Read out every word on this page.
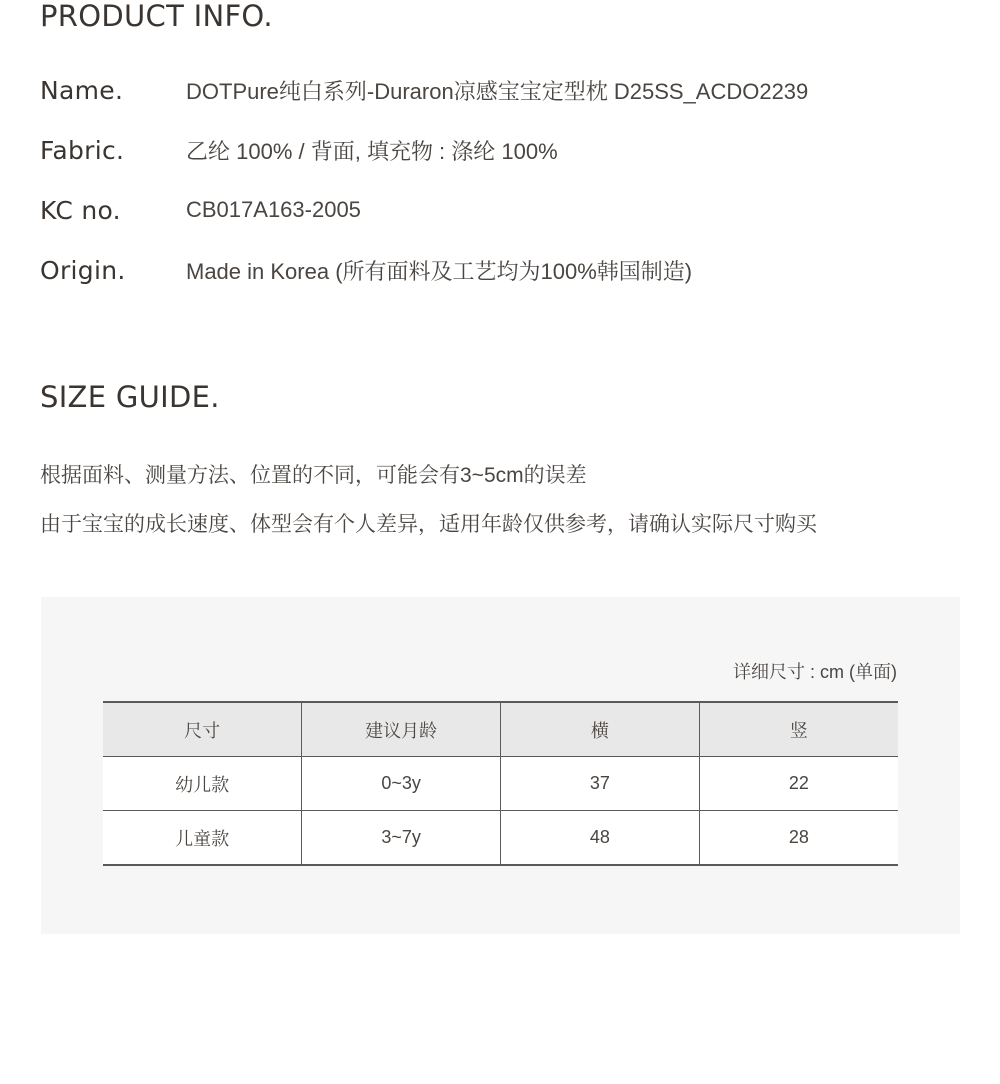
PRODUCT INFO.
Name.	DOTPure纯白系列-Duraron凉感宝宝定型枕 D25SS_ACDO2239
Fabric.	乙纶 100% / 背面, 填充物 : 涤纶 100%
KC no.	CB017A163-2005
Origin.	Made in Korea (所有面料及工艺均为100%韩国制造)
SIZE GUIDE.

根据面料、测量方法、位置的不同，可能会有3~5cm的误差

由于宝宝的成长速度、体型会有个人差异，适用年龄仅供参考，请确认实际尺寸购买

详细尺寸 : cm (单面)
尺寸	建议月龄	横	竖
幼儿款	0~3y	37	22
儿童款	3~7y	48	28
